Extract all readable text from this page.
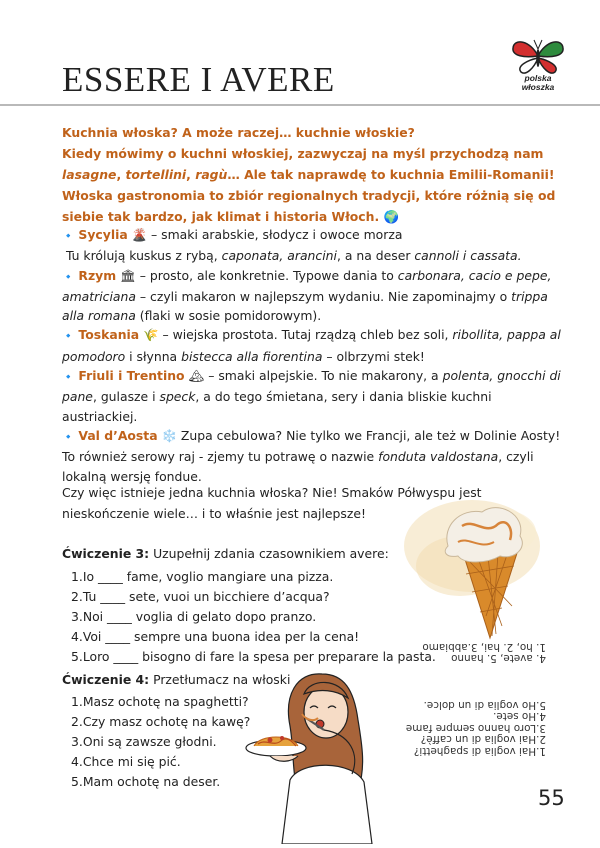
ESSERE I AVERE	polska
włoszka
Kuchnia włoska? A może raczej… kuchnie włoskie?
Kiedy mówimy o kuchni włoskiej, zazwyczaj na myśl przychodzą nam
lasagne, tortellini, ragù… Ale tak naprawdę to kuchnia Emilii-Romanii!
Włoska gastronomia to zbiór regionalnych tradycji, które różnią się od
siebie tak bardzo, jak klimat i historia Włoch. 🌍

🔹 Sycylia 🌋 – smaki arabskie, słodycz i owoce morza
Tu królują kuskus z rybą, caponata, arancini, a na deser cannoli i cassata.

🔹 Rzym 🏛 – prosto, ale konkretnie. Typowe dania to carbonara, cacio e pepe, amatriciana – czyli makaron w najlepszym wydaniu. Nie zapominajmy o trippa alla romana (flaki w sosie pomidorowym).

🔹 Toskania 🌾 – wiejska prostota. Tutaj rządzą chleb bez soli, ribollita, pappa al pomodoro i słynna bistecca alla fiorentina – olbrzymi stek!

🔹 Friuli i Trentino 🏔 – smaki alpejskie. To nie makarony, a polenta, gnocchi di pane, gulasze i speck, a do tego śmietana, sery i dania bliskie kuchni austriackiej.

🔹 Val d’Aosta ❄️ Zupa cebulowa? Nie tylko we Francji, ale też w Dolinie Aosty! To również serowy raj - zjemy tu potrawę o nazwie fonduta valdostana, czyli lokalną wersję fondue.

Czy więc istnieje jedna kuchnia włoska? Nie! Smaków Półwyspu jest nieskończenie wiele… i to właśnie jest najlepsze!
Ćwiczenie 3: Uzupełnij zdania czasownikiem avere:
1.Io ____ fame, voglio mangiare una pizza.
2.Tu ____ sete, vuoi un bicchiere d’acqua?
3.Noi ____ voglia di gelato dopo pranzo.
4.Voi ____ sempre una buona idea per la cena!
5.Loro ____ bisogno di fare la spesa per preparare la pasta.
Ćwiczenie 4: Przetłumacz na włoski
1.Masz ochotę na spaghetti?
2.Czy masz ochotę na kawę?
3.Oni są zawsze głodni.
4.Chce mi się pić.
5.Mam ochotę na deser.
1.Hai voglia di spaghetti?
2.Hai voglia di un caffè?
3.Loro hanno sempre fame
4.Ho sete.
5.Ho voglia di un dolce.

4. avete, 5. hanno
1. ho, 2. hai, 3.abbiamo
55
